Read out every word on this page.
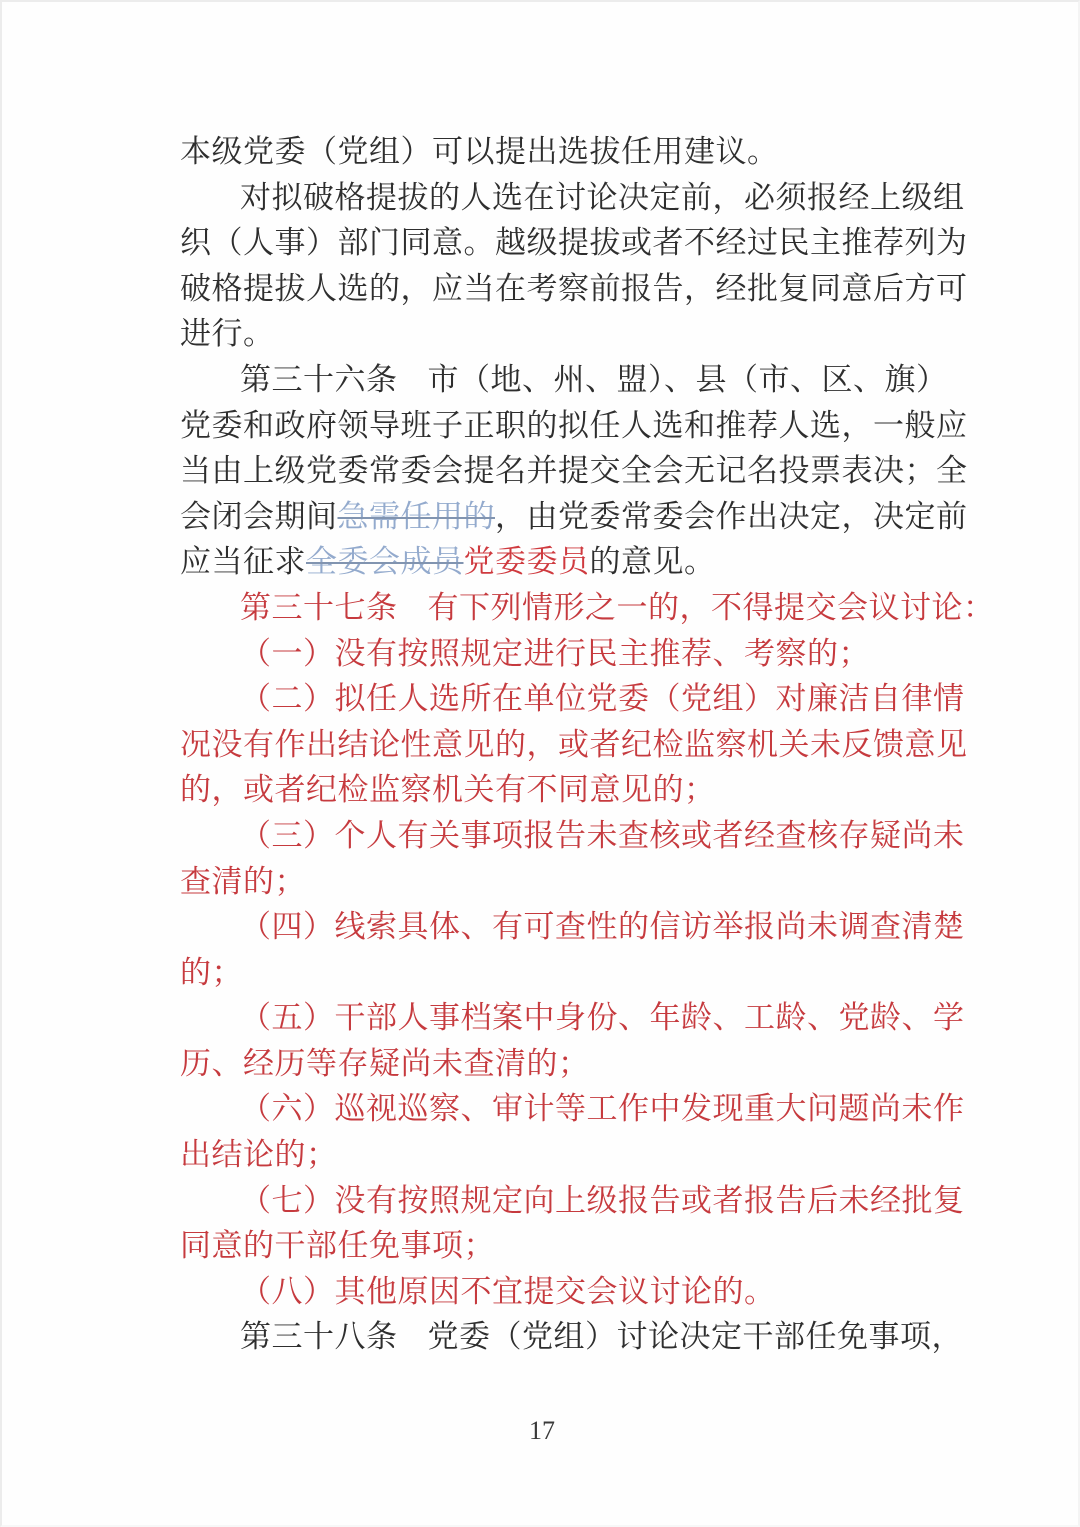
本级党委（党组）可以提出选拔任用建议。
对拟破格提拔的人选在讨论决定前，必须报经上级组
织（人事）部门同意。越级提拔或者不经过民主推荐列为
破格提拔人选的，应当在考察前报告，经批复同意后方可
进行。
第三十六条 市（地、州、盟）、县（市、区、旗）
党委和政府领导班子正职的拟任人选和推荐人选，一般应
当由上级党委常委会提名并提交全会无记名投票表决；全
会闭会期间急需任用的，由党委常委会作出决定，决定前
应当征求全委会成员党委委员的意见。
第三十七条 有下列情形之一的，不得提交会议讨论：
（一）没有按照规定进行民主推荐、考察的；
（二）拟任人选所在单位党委（党组）对廉洁自律情
况没有作出结论性意见的，或者纪检监察机关未反馈意见
的，或者纪检监察机关有不同意见的；
（三）个人有关事项报告未查核或者经查核存疑尚未
查清的；
（四）线索具体、有可查性的信访举报尚未调查清楚
的；
（五）干部人事档案中身份、年龄、工龄、党龄、学
历、经历等存疑尚未查清的；
（六）巡视巡察、审计等工作中发现重大问题尚未作
出结论的；
（七）没有按照规定向上级报告或者报告后未经批复
同意的干部任免事项；
（八）其他原因不宜提交会议讨论的。
第三十八条 党委（党组）讨论决定干部任免事项，
17
